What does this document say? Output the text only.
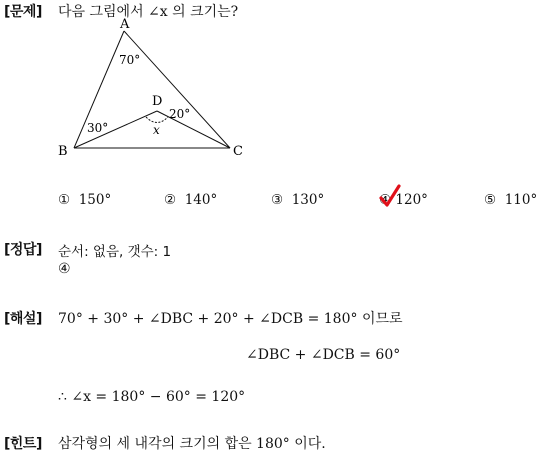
[문제] 다음 그림에서 ∠x 의 크기는?
A
B	C
D
70°
30°
20°
x
① 150°	② 140°	③ 130°	④ 120°	⑤ 110°
[정답] 순서: 없음, 갯수: 1
④
[해설] 70° + 30° + ∠DBC + 20° + ∠DCB = 180° 이므로
∠DBC + ∠DCB = 60°
∴ ∠x = 180° − 60° = 120°
[힌트] 삼각형의 세 내각의 크기의 합은 180° 이다.
